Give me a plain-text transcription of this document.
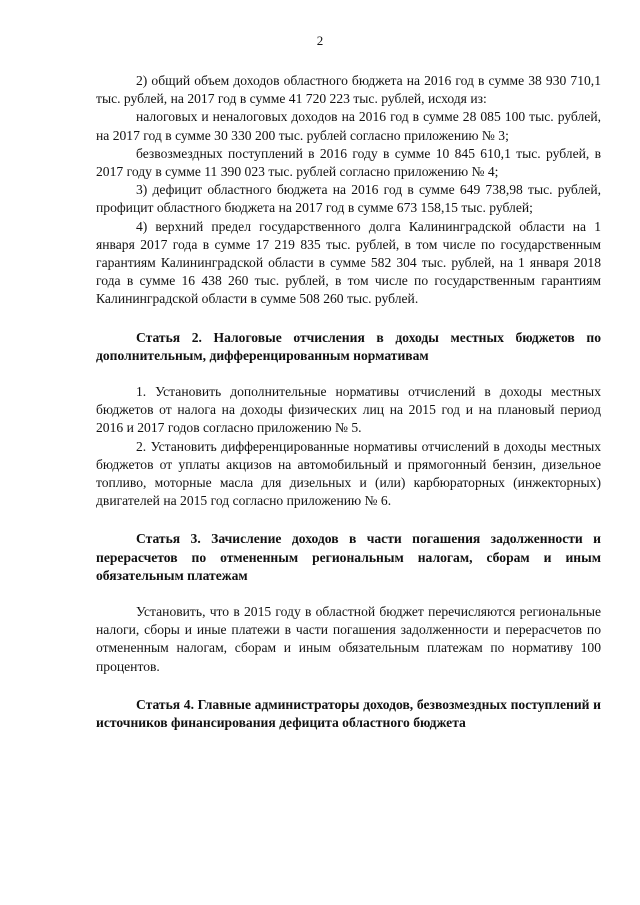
2

2) общий объем доходов областного бюджета на 2016 год в сумме 38 930 710,1 тыс. рублей, на 2017 год в сумме 41 720 223 тыс. рублей, исходя из:

налоговых и неналоговых доходов на 2016 год в сумме 28 085 100 тыс. рублей, на 2017 год в сумме 30 330 200 тыс. рублей согласно приложению № 3;

безвозмездных поступлений в 2016 году в сумме 10 845 610,1 тыс. рублей, в 2017 году в сумме 11 390 023 тыс. рублей согласно приложению № 4;

3) дефицит областного бюджета на 2016 год в сумме 649 738,98 тыс. рублей, профицит областного бюджета на 2017 год в сумме 673 158,15 тыс. рублей;

4) верхний предел государственного долга Калининградской области на 1 января 2017 года в сумме 17 219 835 тыс. рублей, в том числе по государственным гарантиям Калининградской области в сумме 582 304 тыс. рублей, на 1 января 2018 года в сумме 16 438 260 тыс. рублей, в том числе по государственным гарантиям Калининградской области в сумме 508 260 тыс. рублей.

Статья 2. Налоговые отчисления в доходы местных бюджетов по дополнительным, дифференцированным нормативам

1. Установить дополнительные нормативы отчислений в доходы местных бюджетов от налога на доходы физических лиц на 2015 год и на плановый период 2016 и 2017 годов согласно приложению № 5.

2. Установить дифференцированные нормативы отчислений в доходы местных бюджетов от уплаты акцизов на автомобильный и прямогонный бензин, дизельное топливо, моторные масла для дизельных и (или) карбюраторных (инжекторных) двигателей на 2015 год согласно приложению № 6.

Статья 3. Зачисление доходов в части погашения задолженности и перерасчетов по отмененным региональным налогам, сборам и иным обязательным платежам

Установить, что в 2015 году в областной бюджет перечисляются региональные налоги, сборы и иные платежи в части погашения задолженности и перерасчетов по отмененным налогам, сборам и иным обязательным платежам по нормативу 100 процентов.

Статья 4. Главные администраторы доходов, безвозмездных поступлений и источников финансирования дефицита областного бюджета
